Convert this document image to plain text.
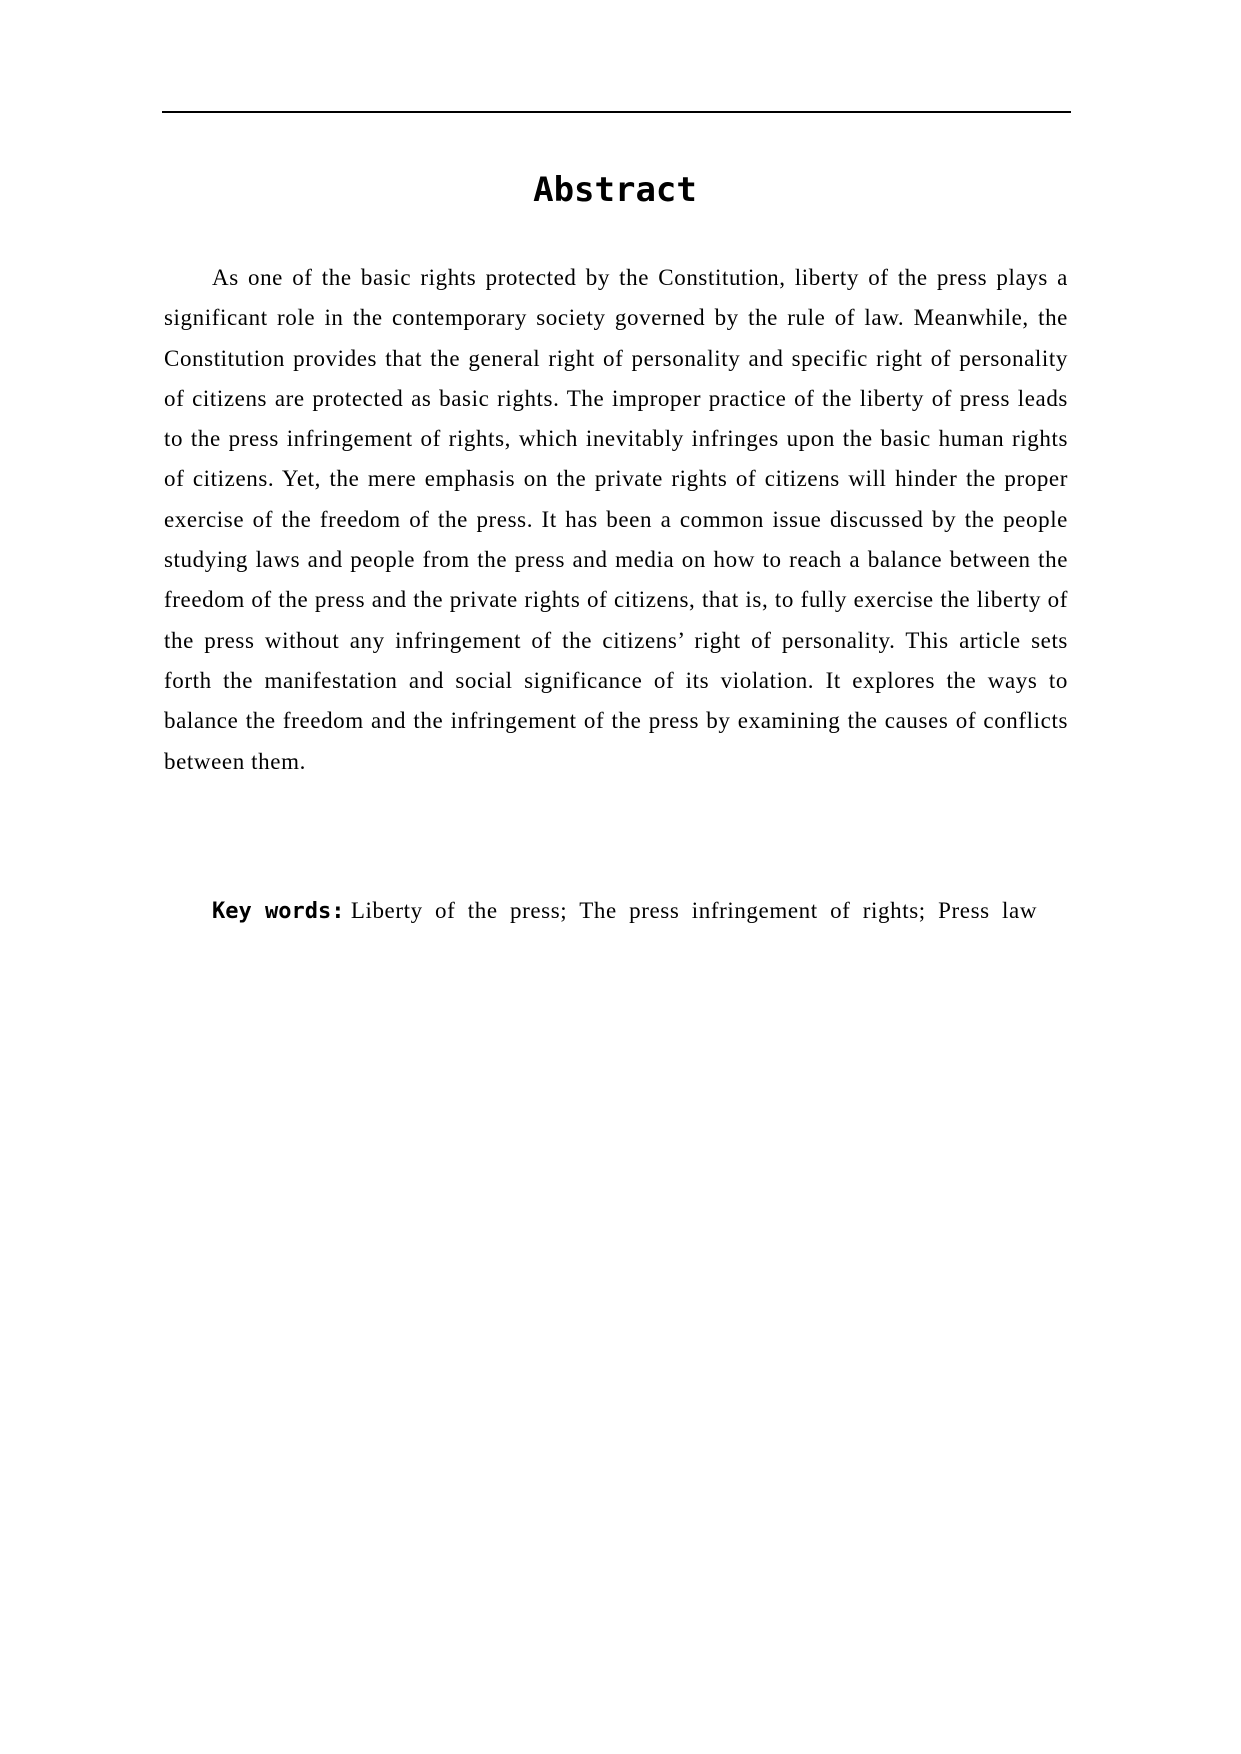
Abstract

As one of the basic rights protected by the Constitution, liberty of the press plays a significant role in the contemporary society governed by the rule of law. Meanwhile, the Constitution provides that the general right of personality and specific right of personality of citizens are protected as basic rights. The improper practice of the liberty of press leads to the press infringement of rights, which inevitably infringes upon the basic human rights of citizens. Yet, the mere emphasis on the private rights of citizens will hinder the proper exercise of the freedom of the press. It has been a common issue discussed by the people studying laws and people from the press and media on how to reach a balance between the freedom of the press and the private rights of citizens, that is, to fully exercise the liberty of the press without any infringement of the citizens’ right of personality. This article sets forth the manifestation and social significance of its violation. It explores the ways to balance the freedom and the infringement of the press by examining the causes of conflicts between them.

Key words: Liberty of the press; The press infringement of rights; Press law
